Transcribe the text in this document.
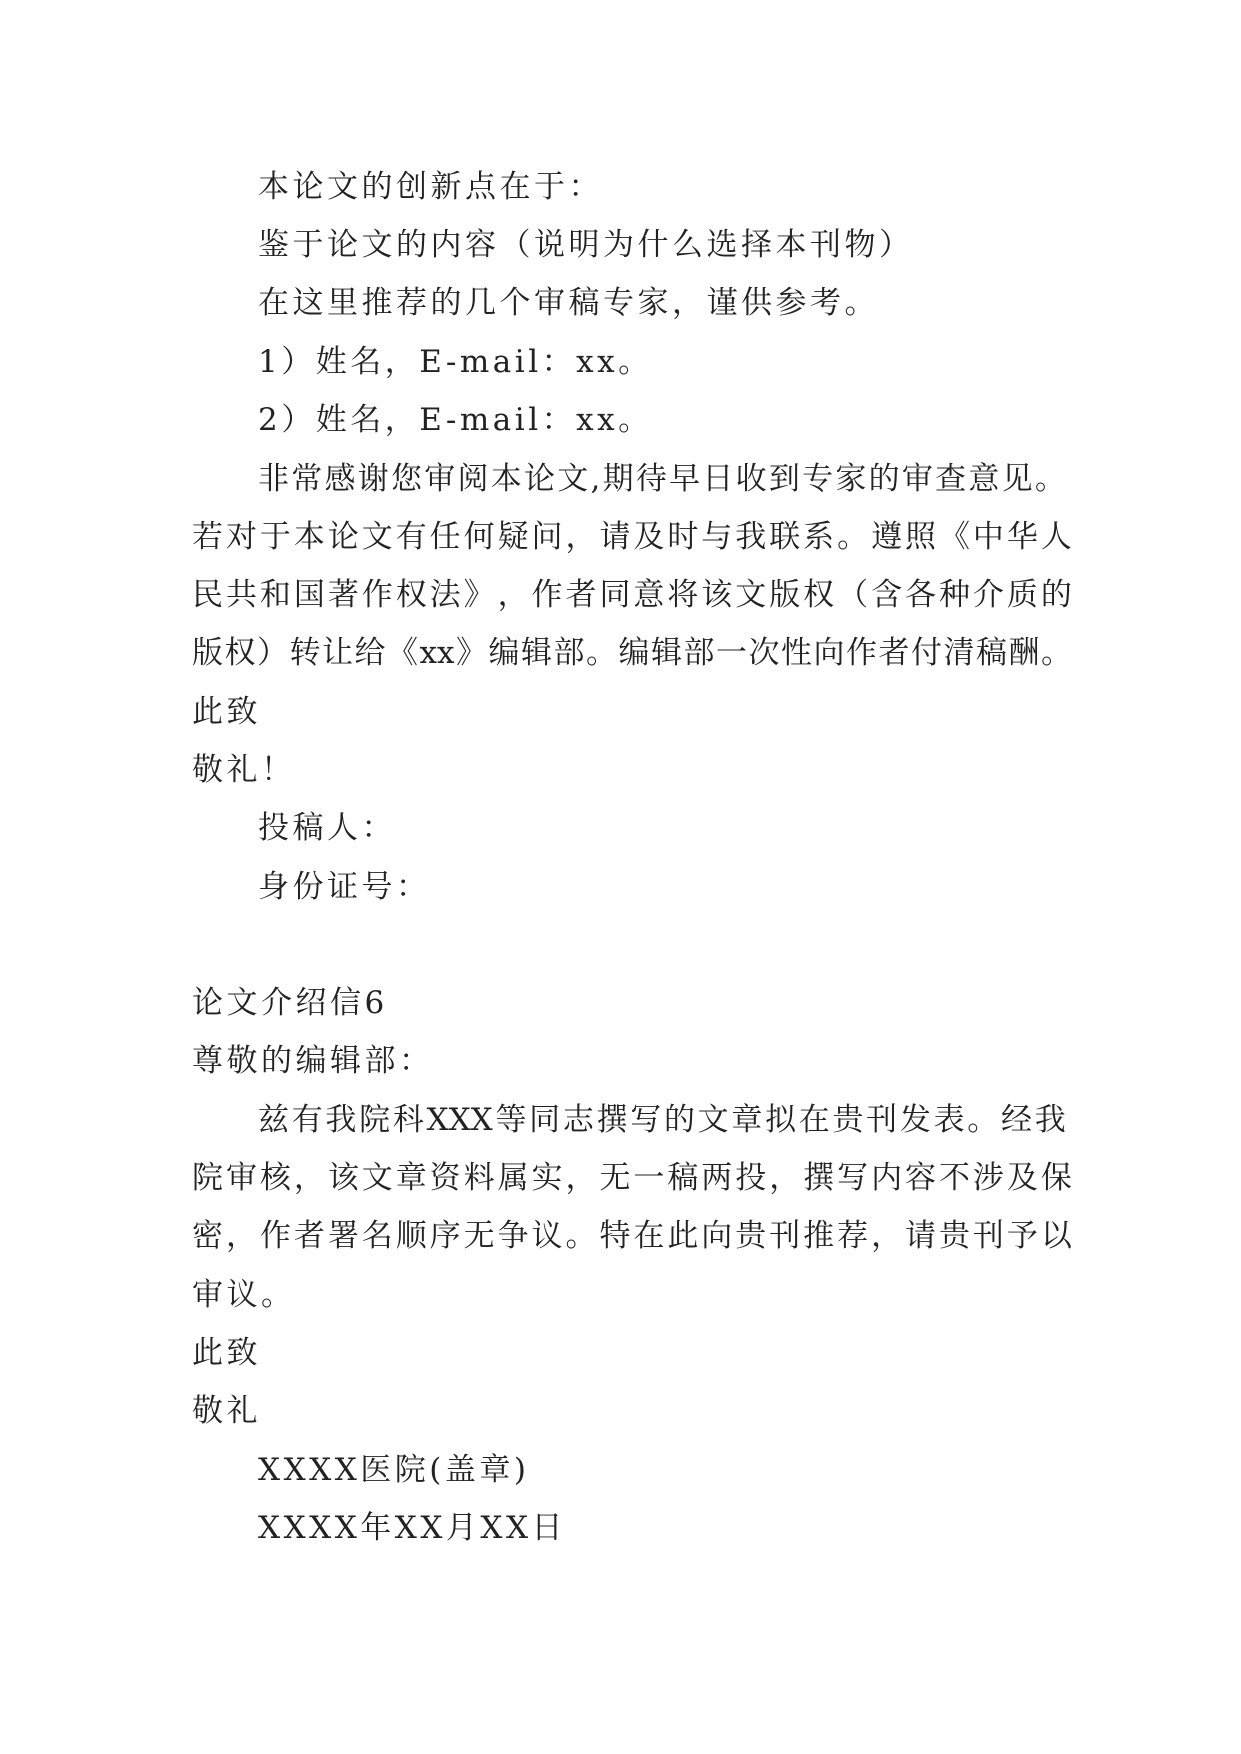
本论文的创新点在于：

鉴于论文的内容（说明为什么选择本刊物）

在这里推荐的几个审稿专家，谨供参考。

1）姓名，E-mail：xx。

2）姓名，E-mail：xx。

非 常 感 谢 您 审 阅 本 论 文 , 期 待 早 日 收 到 专 家 的 审 查 意 见 。

若 对 于 本 论 文 有 任 何 疑 问 ， 请 及 时 与 我 联 系 。 遵 照 《 中 华 人

民 共 和 国 著 作 权 法 》 ， 作 者 同 意 将 该 文 版 权 （ 含 各 种 介 质 的

版 权 ） 转 让 给 《 xx 》 编 辑 部 。 编 辑 部 一 次 性 向 作 者 付 清 稿 酬 。

此致

敬礼！

投稿人：

身份证号：

论文介绍信6

尊敬的编辑部：

兹 有 我 院 科 XXX 等 同 志 撰 写 的 文 章 拟 在 贵 刊 发 表 。 经 我

院 审 核 ， 该 文 章 资 料 属 实 ， 无 一 稿 两 投 ， 撰 写 内 容 不 涉 及 保

密 ， 作 者 署 名 顺 序 无 争 议 。 特 在 此 向 贵 刊 推 荐 ， 请 贵 刊 予 以

审议。

此致

敬礼

XXXX医院(盖章)

XXXX年XX月XX日
